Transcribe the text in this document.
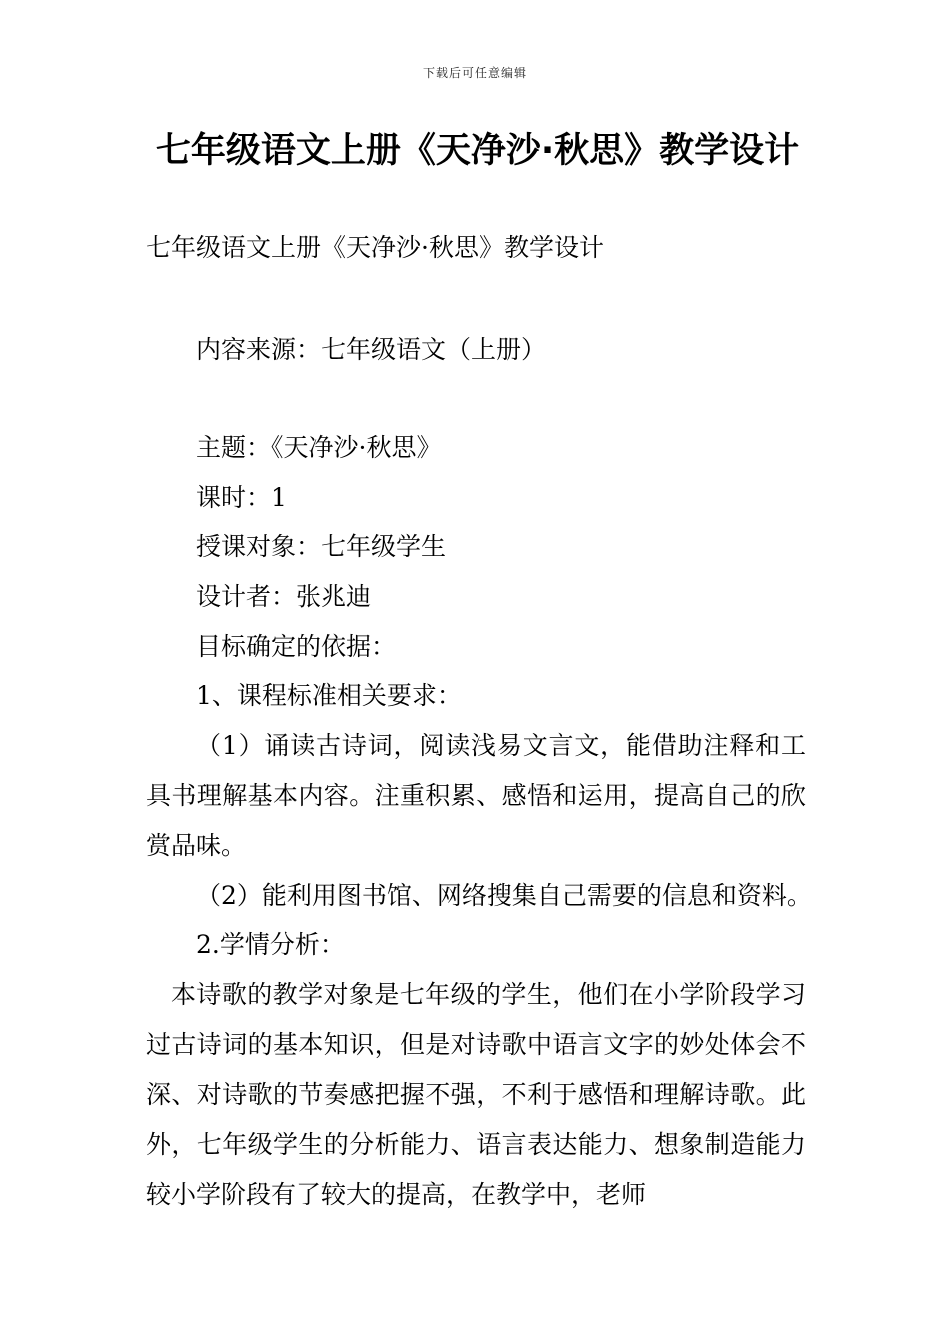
下载后可任意编辑
七年级语文上册《天净沙·秋思》教学设计
七年级语文上册《天净沙·秋思》教学设计
内容来源：七年级语文（上册）
主题：《天净沙·秋思》
课时：1
授课对象：七年级学生
设计者：张兆迪
目标确定的依据：
1、课程标准相关要求：

（1）诵读古诗词，阅读浅易文言文，能借助注释和工具书理解基本内容。注重积累、感悟和运用，提高自己的欣赏品味。

（2）能利用图书馆、网络搜集自己需要的信息和资料。

2.学情分析：

本诗歌的教学对象是七年级的学生，他们在小学阶段学习过古诗词的基本知识，但是对诗歌中语言文字的妙处体会不深、对诗歌的节奏感把握不强，不利于感悟和理解诗歌。此外，七年级学生的分析能力、语言表达能力、想象制造能力较小学阶段有了较大的提高，在教学中，老师
